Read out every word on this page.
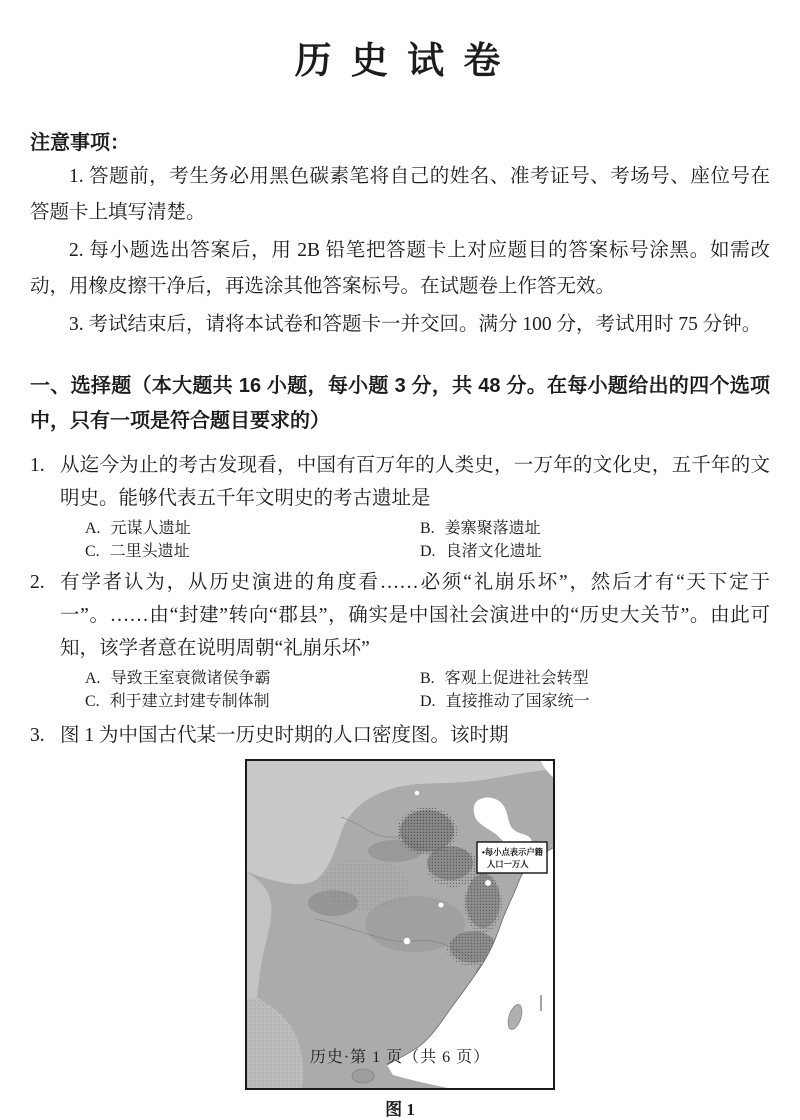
历 史 试 卷
注意事项：

1. 答题前，考生务必用黑色碳素笔将自己的姓名、准考证号、考场号、座位号在答题卡上填写清楚。

2. 每小题选出答案后，用 2B 铅笔把答题卡上对应题目的答案标号涂黑。如需改动，用橡皮擦干净后，再选涂其他答案标号。在试题卷上作答无效。

3. 考试结束后，请将本试卷和答题卡一并交回。满分 100 分，考试用时 75 分钟。

一、选择题（本大题共 16 小题，每小题 3 分，共 48 分。在每小题给出的四个选项中，只有一项是符合题目要求的）
1. 从迄今为止的考古发现看，中国有百万年的人类史，一万年的文化史，五千年的文明史。能够代表五千年文明史的考古遗址是
A. 元谋人遗址	B. 姜寨聚落遗址
C. 二里头遗址	D. 良渚文化遗址
2. 有学者认为，从历史演进的角度看……必须“礼崩乐坏”，然后才有“天下定于一”。……由“封建”转向“郡县”，确实是中国社会演进中的“历史大关节”。由此可知，该学者意在说明周朝“礼崩乐坏”
A. 导致王室衰微诸侯争霸	B. 客观上促进社会转型
C. 利于建立封建专制体制	D. 直接推动了国家统一
3. 图 1 为中国古代某一历史时期的人口密度图。该时期
•每小点表示户籍
人口一万人
图 1
历史·第 1 页（共 6 页）
